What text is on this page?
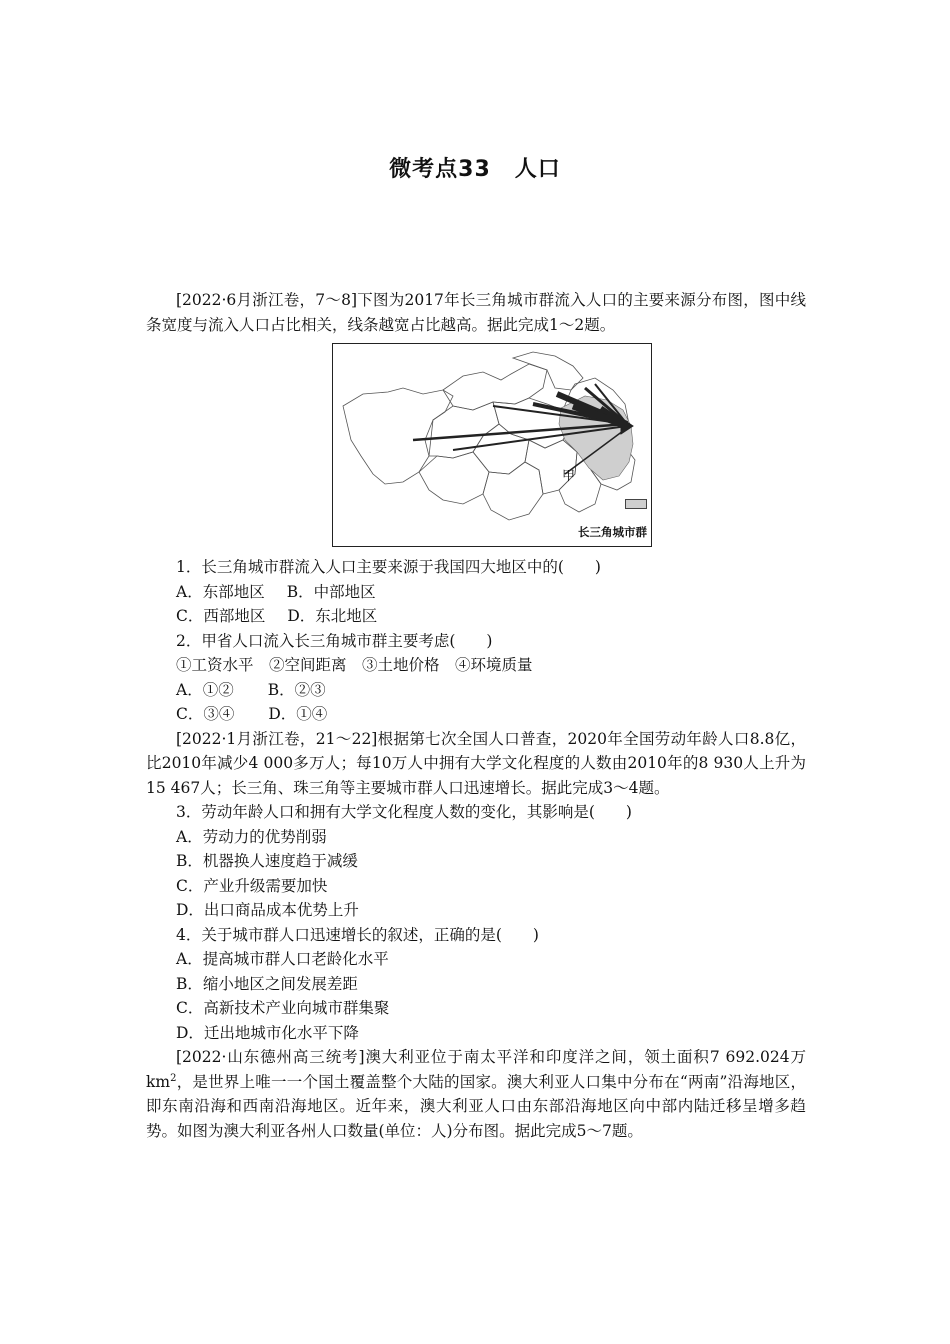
微考点33 人口

[2022·6月浙江卷，7～8]下图为2017年长三角城市群流入人口的主要来源分布图，图中线条宽度与流入人口占比相关，线条越宽占比越高。据此完成1～2题。

甲

长三角城市群

1．长三角城市群流入人口主要来源于我国四大地区中的(　　)

A．东部地区 B．中部地区

C．西部地区 D．东北地区

2．甲省人口流入长三角城市群主要考虑(　　)

①工资水平　②空间距离　③土地价格　④环境质量

A．①② B．②③

C．③④ D．①④

[2022·1月浙江卷，21～22]根据第七次全国人口普查，2020年全国劳动年龄人口8.8亿，比2010年减少4 000多万人；每10万人中拥有大学文化程度的人数由2010年的8 930人上升为15 467人；长三角、珠三角等主要城市群人口迅速增长。据此完成3～4题。

3．劳动年龄人口和拥有大学文化程度人数的变化，其影响是(　　)

A．劳动力的优势削弱

B．机器换人速度趋于减缓

C．产业升级需要加快

D．出口商品成本优势上升

4．关于城市群人口迅速增长的叙述，正确的是(　　)

A．提高城市群人口老龄化水平

B．缩小地区之间发展差距

C．高新技术产业向城市群集聚

D．迁出地城市化水平下降

[2022·山东德州高三统考]澳大利亚位于南太平洋和印度洋之间，领土面积7 692.024万$km^2$，是世界上唯一一个国土覆盖整个大陆的国家。澳大利亚人口集中分布在“两南”沿海地区，即东南沿海和西南沿海地区。近年来，澳大利亚人口由东部沿海地区向中部内陆迁移呈增多趋势。如图为澳大利亚各州人口数量(单位：人)分布图。据此完成5～7题。
